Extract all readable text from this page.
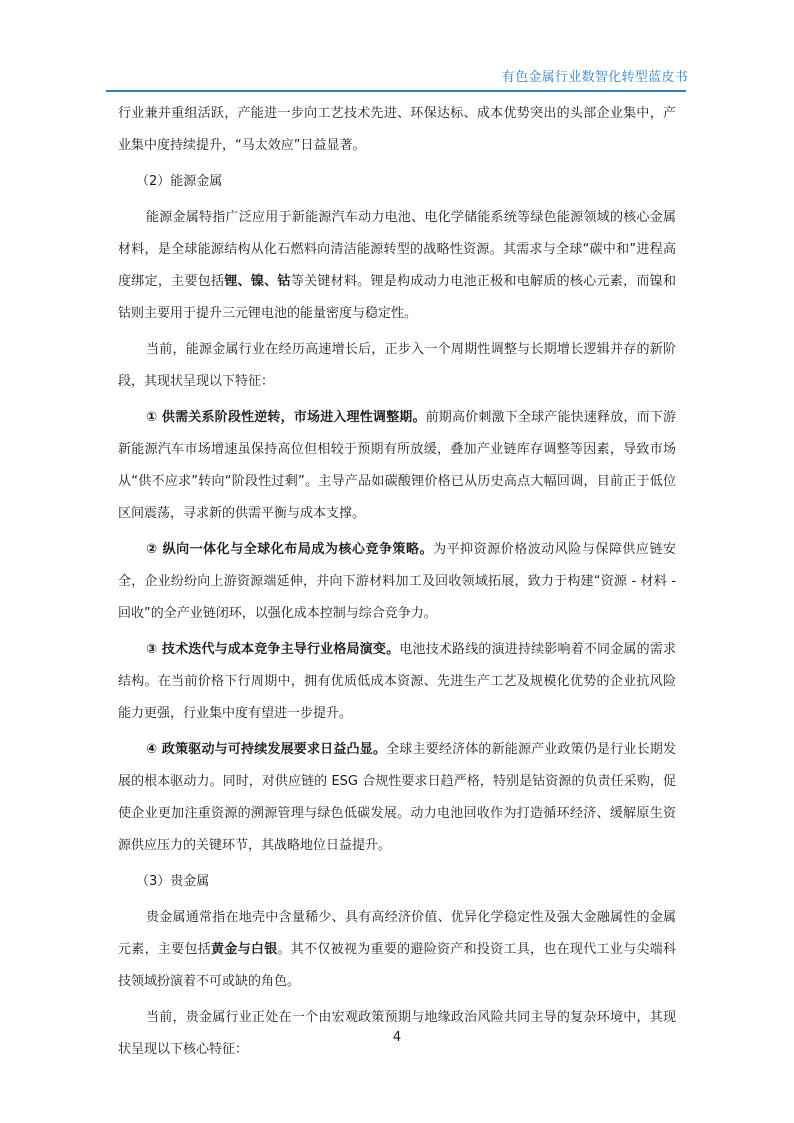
有色金属行业数智化转型蓝皮书

行业兼并重组活跃，产能进一步向工艺技术先进、环保达标、成本优势突出的头部企业集中，产业集中度持续提升，“马太效应”日益显著。

（2）能源金属

能源金属特指广泛应用于新能源汽车动力电池、电化学储能系统等绿色能源领域的核心金属材料，是全球能源结构从化石燃料向清洁能源转型的战略性资源。其需求与全球“碳中和”进程高度绑定，主要包括锂、镍、钴等关键材料。锂是构成动力电池正极和电解质的核心元素，而镍和钴则主要用于提升三元锂电池的能量密度与稳定性。

当前，能源金属行业在经历高速增长后，正步入一个周期性调整与长期增长逻辑并存的新阶段，其现状呈现以下特征：

① 供需关系阶段性逆转，市场进入理性调整期。前期高价刺激下全球产能快速释放，而下游新能源汽车市场增速虽保持高位但相较于预期有所放缓，叠加产业链库存调整等因素，导致市场从“供不应求”转向“阶段性过剩”。主导产品如碳酸锂价格已从历史高点大幅回调，目前正于低位区间震荡，寻求新的供需平衡与成本支撑。

② 纵向一体化与全球化布局成为核心竞争策略。为平抑资源价格波动风险与保障供应链安全，企业纷纷向上游资源端延伸，并向下游材料加工及回收领域拓展，致力于构建“资源 - 材料 - 回收”的全产业链闭环，以强化成本控制与综合竞争力。

③ 技术迭代与成本竞争主导行业格局演变。电池技术路线的演进持续影响着不同金属的需求结构。在当前价格下行周期中，拥有优质低成本资源、先进生产工艺及规模化优势的企业抗风险能力更强，行业集中度有望进一步提升。

④ 政策驱动与可持续发展要求日益凸显。全球主要经济体的新能源产业政策仍是行业长期发展的根本驱动力。同时，对供应链的 ESG 合规性要求日趋严格，特别是钴资源的负责任采购，促使企业更加注重资源的溯源管理与绿色低碳发展。动力电池回收作为打造循环经济、缓解原生资源供应压力的关键环节，其战略地位日益提升。

（3）贵金属

贵金属通常指在地壳中含量稀少、具有高经济价值、优异化学稳定性及强大金融属性的金属元素，主要包括黄金与白银。其不仅被视为重要的避险资产和投资工具，也在现代工业与尖端科技领域扮演着不可或缺的角色。

当前，贵金属行业正处在一个由宏观政策预期与地缘政治风险共同主导的复杂环境中，其现状呈现以下核心特征：

4
